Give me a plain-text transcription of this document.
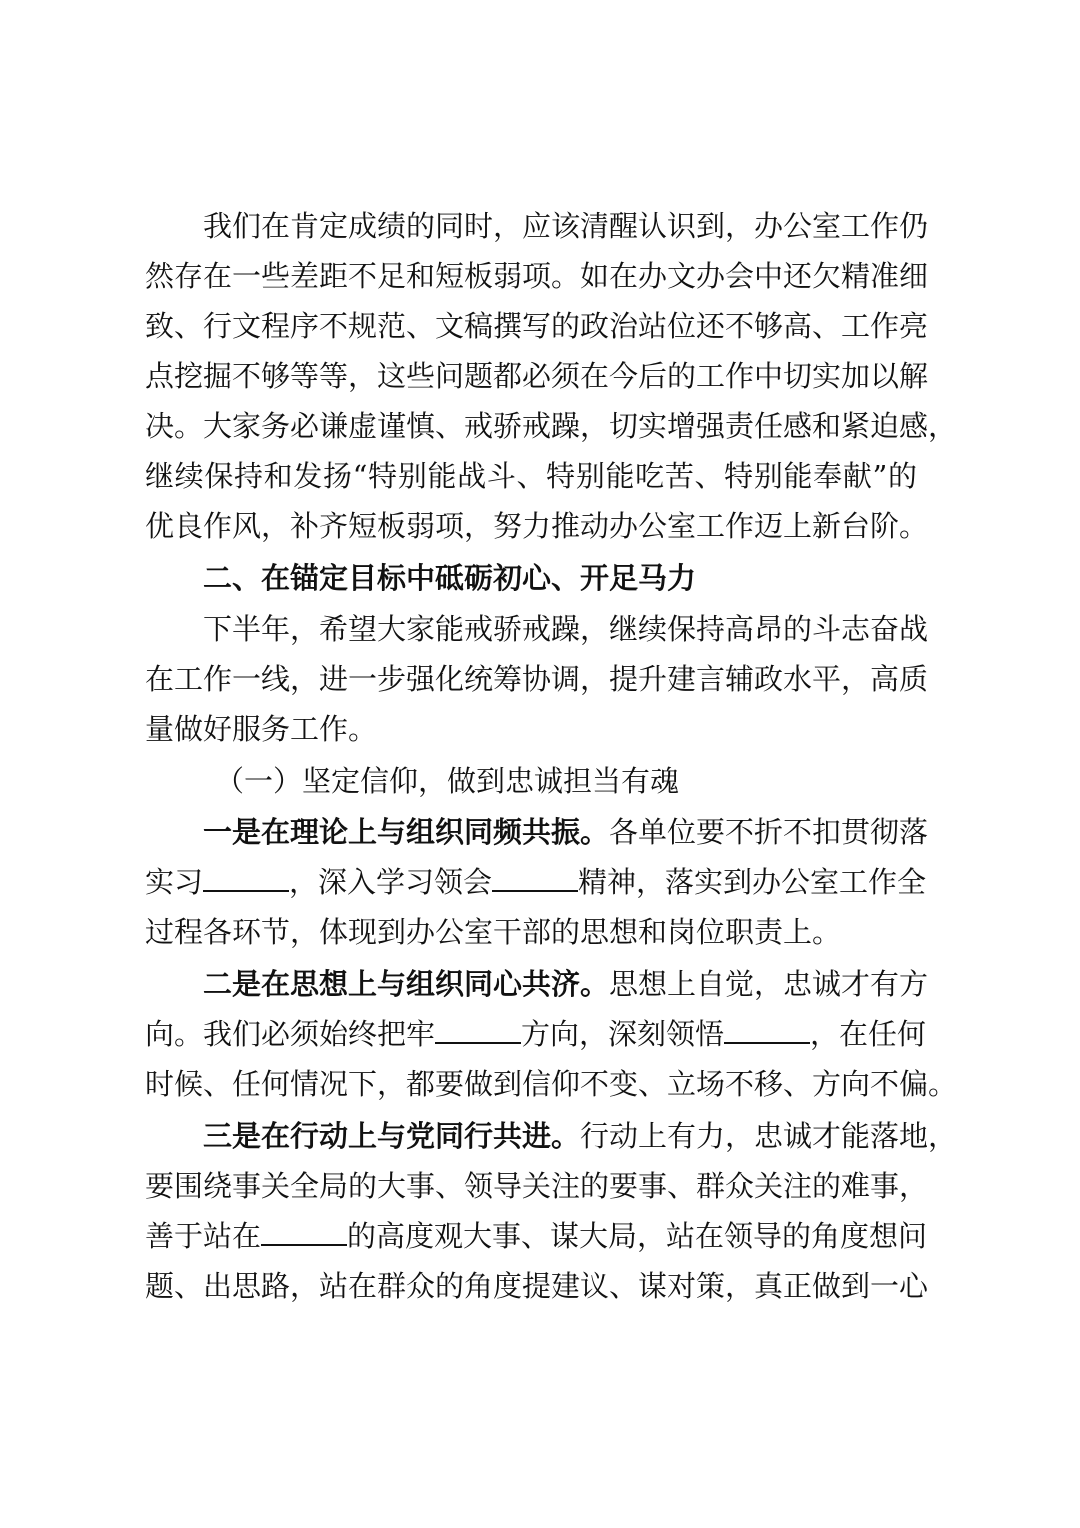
我们在肯定成绩的同时，应该清醒认识到，办公室工作仍
然存在一些差距不足和短板弱项。如在办文办会中还欠精准细
致、行文程序不规范、文稿撰写的政治站位还不够高、工作亮
点挖掘不够等等，这些问题都必须在今后的工作中切实加以解
决。大家务必谦虚谨慎、戒骄戒躁，切实增强责任感和紧迫感，
继续保持和发扬“特别能战斗、特别能吃苦、特别能奉献”的
优良作风，补齐短板弱项，努力推动办公室工作迈上新台阶。
二、在锚定目标中砥砺初心、开足马力
下半年，希望大家能戒骄戒躁，继续保持高昂的斗志奋战
在工作一线，进一步强化统筹协调，提升建言辅政水平，高质
量做好服务工作。
（一）坚定信仰，做到忠诚担当有魂
一是在理论上与组织同频共振。各单位要不折不扣贯彻落
实习	，深入学习领会	精神，落实到办公室工作全
过程各环节，体现到办公室干部的思想和岗位职责上。
二是在思想上与组织同心共济。思想上自觉，忠诚才有方
向。我们必须始终把牢	方向，深刻领悟	，在任何
时候、任何情况下，都要做到信仰不变、立场不移、方向不偏。
三是在行动上与党同行共进。行动上有力，忠诚才能落地，
要围绕事关全局的大事、领导关注的要事、群众关注的难事，
善于站在	的高度观大事、谋大局，站在领导的角度想问
题、出思路，站在群众的角度提建议、谋对策，真正做到一心
